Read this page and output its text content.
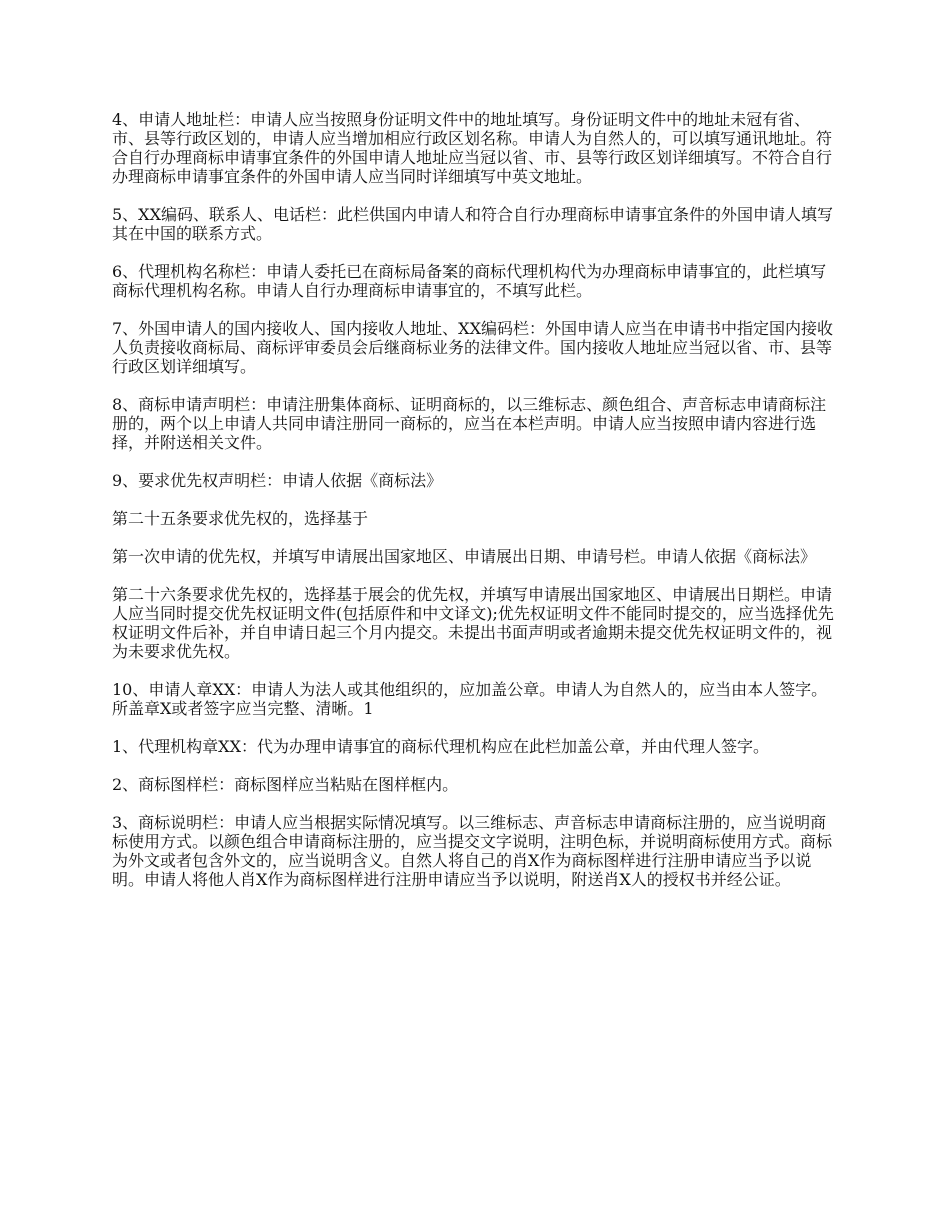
4、申请人地址栏：申请人应当按照身份证明文件中的地址填写。身份证明文件中的地址未冠有省、市、县等行政区划的，申请人应当增加相应行政区划名称。申请人为自然人的，可以填写通讯地址。符合自行办理商标申请事宜条件的外国申请人地址应当冠以省、市、县等行政区划详细填写。不符合自行办理商标申请事宜条件的外国申请人应当同时详细填写中英文地址。

5、XX编码、联系人、电话栏：此栏供国内申请人和符合自行办理商标申请事宜条件的外国申请人填写其在中国的联系方式。

6、代理机构名称栏：申请人委托已在商标局备案的商标代理机构代为办理商标申请事宜的，此栏填写商标代理机构名称。申请人自行办理商标申请事宜的，不填写此栏。

7、外国申请人的国内接收人、国内接收人地址、XX编码栏：外国申请人应当在申请书中指定国内接收人负责接收商标局、商标评审委员会后继商标业务的法律文件。国内接收人地址应当冠以省、市、县等行政区划详细填写。

8、商标申请声明栏：申请注册集体商标、证明商标的，以三维标志、颜色组合、声音标志申请商标注册的，两个以上申请人共同申请注册同一商标的，应当在本栏声明。申请人应当按照申请内容进行选择，并附送相关文件。

9、要求优先权声明栏：申请人依据《商标法》

第二十五条要求优先权的，选择基于

第一次申请的优先权，并填写申请展出国家地区、申请展出日期、申请号栏。申请人依据《商标法》

第二十六条要求优先权的，选择基于展会的优先权，并填写申请展出国家地区、申请展出日期栏。申请人应当同时提交优先权证明文件(包括原件和中文译文);优先权证明文件不能同时提交的，应当选择优先权证明文件后补，并自申请日起三个月内提交。未提出书面声明或者逾期未提交优先权证明文件的，视为未要求优先权。

10、申请人章XX：申请人为法人或其他组织的，应加盖公章。申请人为自然人的，应当由本人签字。所盖章X或者签字应当完整、清晰。1

1、代理机构章XX：代为办理申请事宜的商标代理机构应在此栏加盖公章，并由代理人签字。

2、商标图样栏：商标图样应当粘贴在图样框内。

3、商标说明栏：申请人应当根据实际情况填写。以三维标志、声音标志申请商标注册的，应当说明商标使用方式。以颜色组合申请商标注册的，应当提交文字说明，注明色标，并说明商标使用方式。商标为外文或者包含外文的，应当说明含义。自然人将自己的肖X作为商标图样进行注册申请应当予以说明。申请人将他人肖X作为商标图样进行注册申请应当予以说明，附送肖X人的授权书并经公证。
